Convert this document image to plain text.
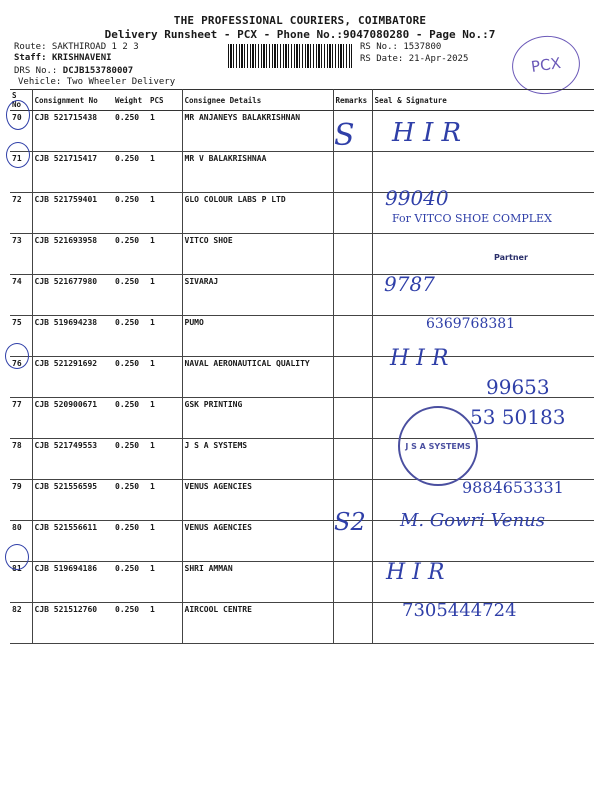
THE PROFESSIONAL COURIERS, COIMBATORE
Delivery Runsheet - PCX - Phone No.:9047080280 - Page No.:7
Route: SAKTHIROAD 1 2 3
Staff: KRISHNAVENI
DRS No.: DCJB153780007
Vehicle: Two Wheeler Delivery
RS No.: 1537800
RS Date: 21-Apr-2025	PCX
S No	Consignment No	Weight	PCS	Consignee Details	Remarks	Seal & Signature
70	CJB 521715438	0.250	1	MR ANJANEYS BALAKRISHNAN		
71	CJB 521715417	0.250	1	MR V BALAKRISHNAA		
72	CJB 521759401	0.250	1	GLO COLOUR LABS P LTD		
73	CJB 521693958	0.250	1	VITCO SHOE		
74	CJB 521677980	0.250	1	SIVARAJ		
75	CJB 519694238	0.250	1	PUMO		
76	CJB 521291692	0.250	1	NAVAL AERONAUTICAL QUALITY		
77	CJB 520900671	0.250	1	GSK PRINTING		
78	CJB 521749553	0.250	1	J S A SYSTEMS		
79	CJB 521556595	0.250	1	VENUS AGENCIES		
80	CJB 521556611	0.250	1	VENUS AGENCIES		
81	CJB 519694186	0.250	1	SHRI AMMAN		
82	CJB 521512760	0.250	1	AIRCOOL CENTRE		
S H I R
99040
For VITCO SHOE COMPLEX
Partner
9787
6369768381
H I R
99653
53 50183
J S A SYSTEMS
9884653331
S2 M. Gowri Venus
H I R
7305444724
